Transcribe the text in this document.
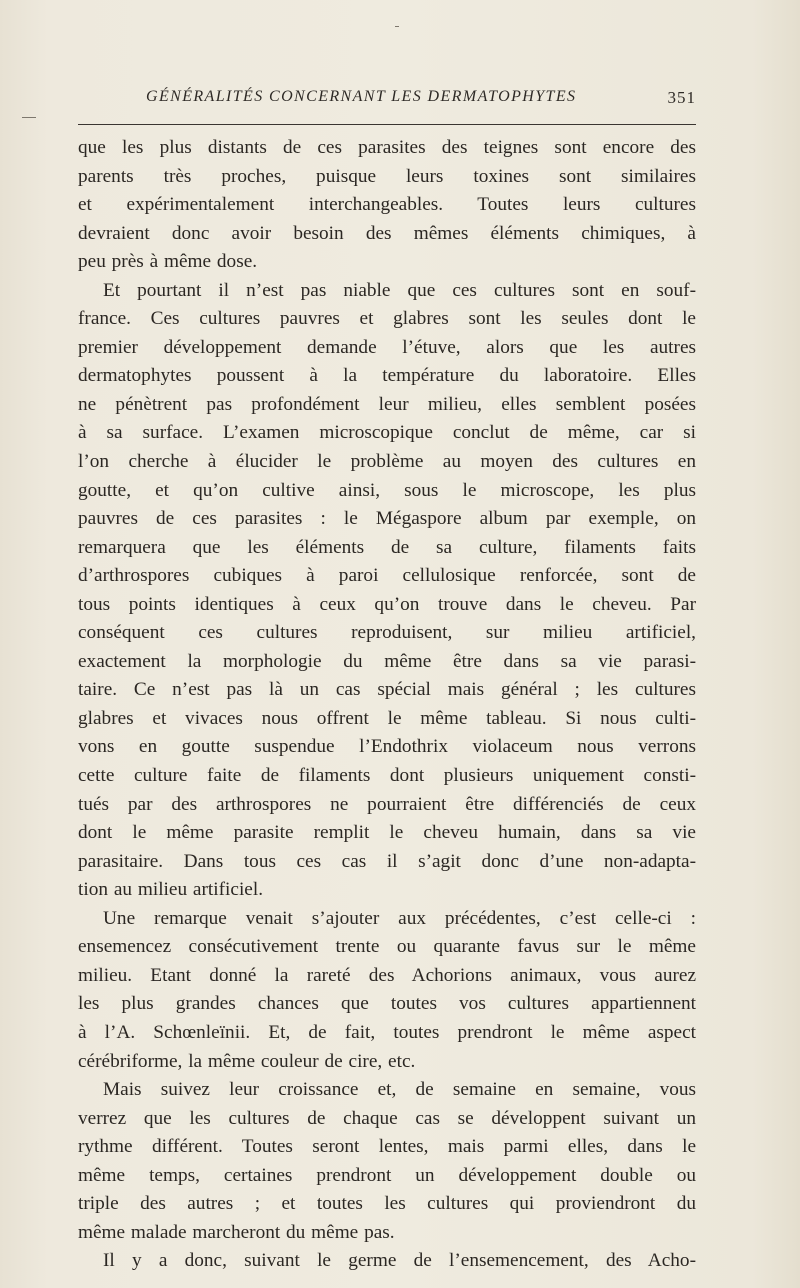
GÉNÉRALITÉS CONCERNANT LES DERMATOPHYTES	351
que les plus distants de ces parasites des teignes sont encore des
parents très proches, puisque leurs toxines sont similaires
et expérimentalement interchangeables. Toutes leurs cultures
devraient donc avoir besoin des mêmes éléments chimiques, à
peu près à même dose.
Et pourtant il n’est pas niable que ces cultures sont en souf-
france. Ces cultures pauvres et glabres sont les seules dont le
premier développement demande l’étuve, alors que les autres
dermatophytes poussent à la température du laboratoire. Elles
ne pénètrent pas profondément leur milieu, elles semblent posées
à sa surface. L’examen microscopique conclut de même, car si
l’on cherche à élucider le problème au moyen des cultures en
goutte, et qu’on cultive ainsi, sous le microscope, les plus
pauvres de ces parasites : le Mégaspore album par exemple, on
remarquera que les éléments de sa culture, filaments faits
d’arthrospores cubiques à paroi cellulosique renforcée, sont de
tous points identiques à ceux qu’on trouve dans le cheveu. Par
conséquent ces cultures reproduisent, sur milieu artificiel,
exactement la morphologie du même être dans sa vie parasi-
taire. Ce n’est pas là un cas spécial mais général ; les cultures
glabres et vivaces nous offrent le même tableau. Si nous culti-
vons en goutte suspendue l’Endothrix violaceum nous verrons
cette culture faite de filaments dont plusieurs uniquement consti-
tués par des arthrospores ne pourraient être différenciés de ceux
dont le même parasite remplit le cheveu humain, dans sa vie
parasitaire. Dans tous ces cas il s’agit donc d’une non-adapta-
tion au milieu artificiel.
Une remarque venait s’ajouter aux précédentes, c’est celle-ci :
ensemencez consécutivement trente ou quarante favus sur le même
milieu. Etant donné la rareté des Achorions animaux, vous aurez
les plus grandes chances que toutes vos cultures appartiennent
à l’A. Schœnleïnii. Et, de fait, toutes prendront le même aspect
cérébriforme, la même couleur de cire, etc.
Mais suivez leur croissance et, de semaine en semaine, vous
verrez que les cultures de chaque cas se développent suivant un
rythme différent. Toutes seront lentes, mais parmi elles, dans le
même temps, certaines prendront un développement double ou
triple des autres ; et toutes les cultures qui proviendront du
même malade marcheront du même pas.
Il y a donc, suivant le germe de l’ensemencement, des Acho-
